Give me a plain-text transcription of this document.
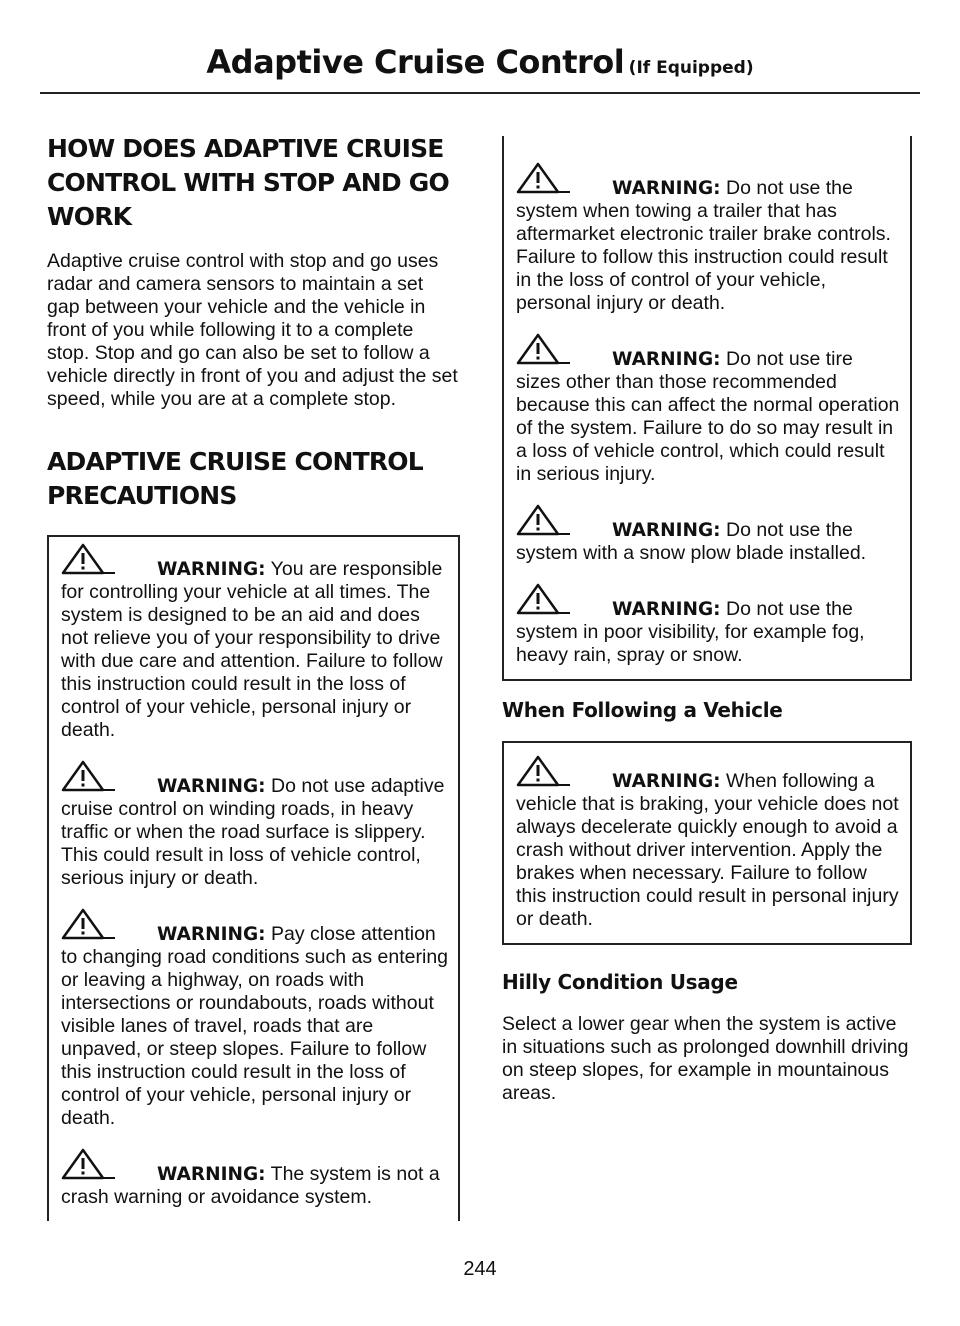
Adaptive Cruise Control (If Equipped)
HOW DOES ADAPTIVE CRUISE CONTROL WITH STOP AND GO WORK

Adaptive cruise control with stop and go uses radar and camera sensors to maintain a set gap between your vehicle and the vehicle in front of you while following it to a complete stop. Stop and go can also be set to follow a vehicle directly in front of you and adjust the set speed, while you are at a complete stop.

ADAPTIVE CRUISE CONTROL PRECAUTIONS
WARNING: You are responsible for controlling your vehicle at all times. The system is designed to be an aid and does not relieve you of your responsibility to drive with due care and attention. Failure to follow this instruction could result in the loss of control of your vehicle, personal injury or death.
WARNING: Do not use adaptive cruise control on winding roads, in heavy traffic or when the road surface is slippery. This could result in loss of vehicle control, serious injury or death.
WARNING: Pay close attention to changing road conditions such as entering or leaving a highway, on roads with intersections or roundabouts, roads without visible lanes of travel, roads that are unpaved, or steep slopes. Failure to follow this instruction could result in the loss of control of your vehicle, personal injury or death.
WARNING: The system is not a crash warning or avoidance system.
WARNING: Do not use the system when towing a trailer that has aftermarket electronic trailer brake controls. Failure to follow this instruction could result in the loss of control of your vehicle, personal injury or death.
WARNING: Do not use tire sizes other than those recommended because this can affect the normal operation of the system. Failure to do so may result in a loss of vehicle control, which could result in serious injury.
WARNING: Do not use the system with a snow plow blade installed.
WARNING: Do not use the system in poor visibility, for example fog, heavy rain, spray or snow.
When Following a Vehicle
WARNING: When following a vehicle that is braking, your vehicle does not always decelerate quickly enough to avoid a crash without driver intervention. Apply the brakes when necessary. Failure to follow this instruction could result in personal injury or death.
Hilly Condition Usage

Select a lower gear when the system is active in situations such as prolonged downhill driving on steep slopes, for example in mountainous areas.

244
